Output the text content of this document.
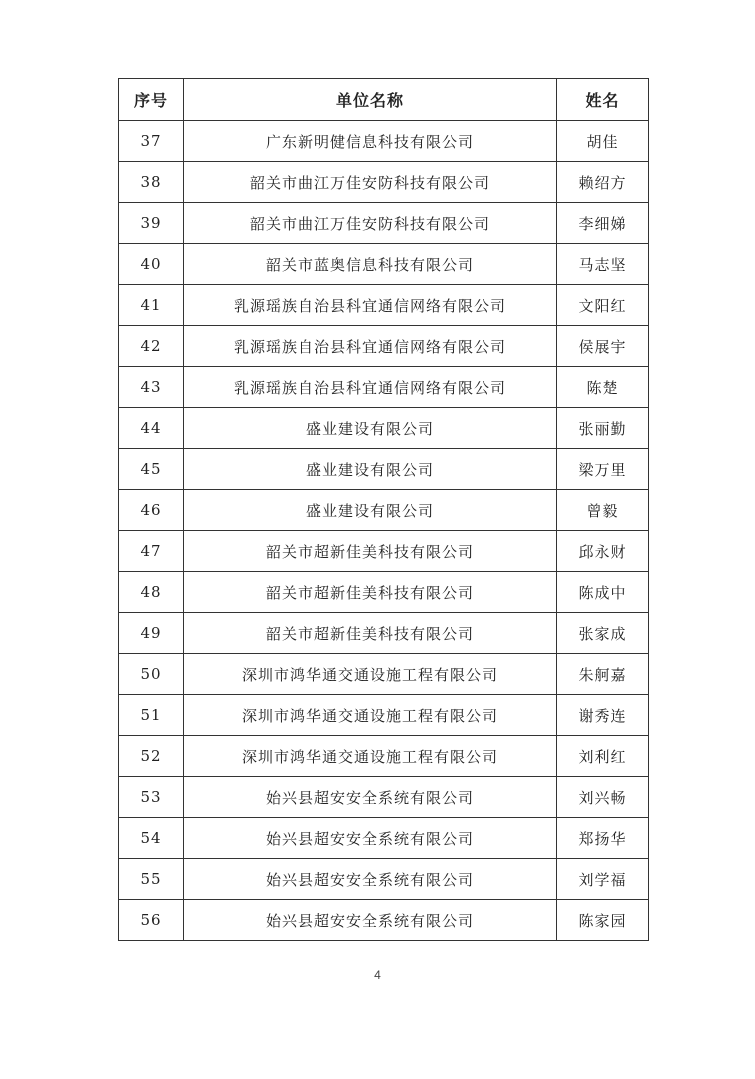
序号	单位名称	姓名
37	广东新明健信息科技有限公司	胡佳
38	韶关市曲江万佳安防科技有限公司	赖绍方
39	韶关市曲江万佳安防科技有限公司	李细娣
40	韶关市蓝奥信息科技有限公司	马志坚
41	乳源瑶族自治县科宜通信网络有限公司	文阳红
42	乳源瑶族自治县科宜通信网络有限公司	侯展宇
43	乳源瑶族自治县科宜通信网络有限公司	陈楚
44	盛业建设有限公司	张丽勤
45	盛业建设有限公司	梁万里
46	盛业建设有限公司	曾毅
47	韶关市超新佳美科技有限公司	邱永财
48	韶关市超新佳美科技有限公司	陈成中
49	韶关市超新佳美科技有限公司	张家成
50	深圳市鸿华通交通设施工程有限公司	朱舸嘉
51	深圳市鸿华通交通设施工程有限公司	谢秀连
52	深圳市鸿华通交通设施工程有限公司	刘利红
53	始兴县超安安全系统有限公司	刘兴畅
54	始兴县超安安全系统有限公司	郑扬华
55	始兴县超安安全系统有限公司	刘学福
56	始兴县超安安全系统有限公司	陈家园
4
